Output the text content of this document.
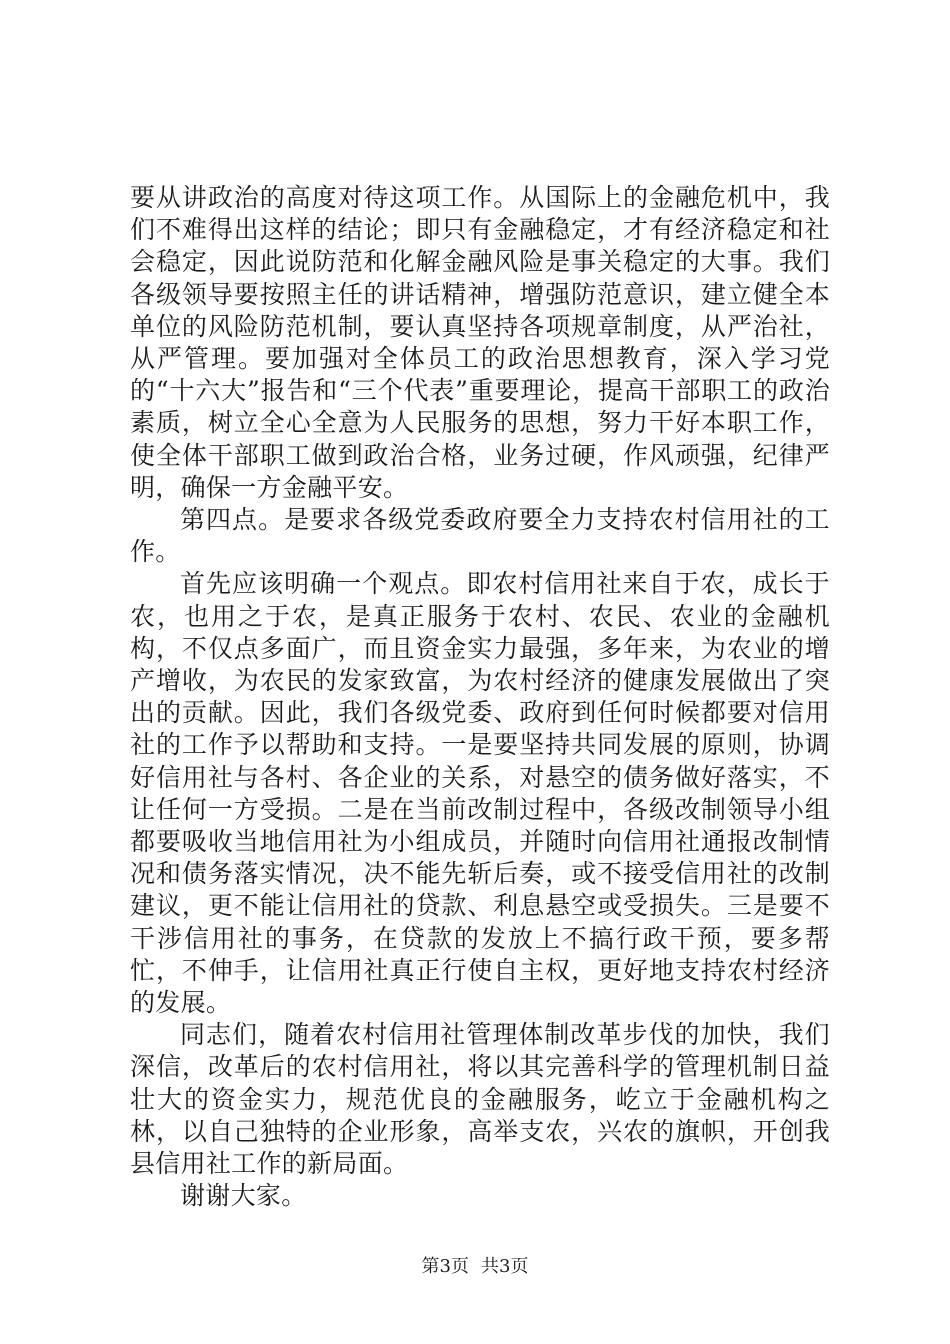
要从讲政治的高度对待这项工作。从国际上的金融危机中，我们不难得出这样的结论；即只有金融稳定，才有经济稳定和社会稳定，因此说防范和化解金融风险是事关稳定的大事。我们各级领导要按照主任的讲话精神，增强防范意识，建立健全本单位的风险防范机制，要认真坚持各项规章制度，从严治社，从严管理。要加强对全体员工的政治思想教育，深入学习党的“十六大”报告和“三个代表”重要理论，提高干部职工的政治素质，树立全心全意为人民服务的思想，努力干好本职工作，使全体干部职工做到政治合格，业务过硬，作风顽强，纪律严明，确保一方金融平安。

第四点。是要求各级党委政府要全力支持农村信用社的工作。

首先应该明确一个观点。即农村信用社来自于农，成长于农，也用之于农，是真正服务于农村、农民、农业的金融机构，不仅点多面广，而且资金实力最强，多年来，为农业的增产增收，为农民的发家致富，为农村经济的健康发展做出了突出的贡献。因此，我们各级党委、政府到任何时候都要对信用社的工作予以帮助和支持。一是要坚持共同发展的原则，协调好信用社与各村、各企业的关系，对悬空的债务做好落实，不让任何一方受损。二是在当前改制过程中，各级改制领导小组都要吸收当地信用社为小组成员，并随时向信用社通报改制情况和债务落实情况，决不能先斩后奏，或不接受信用社的改制建议，更不能让信用社的贷款、利息悬空或受损失。三是要不干涉信用社的事务，在贷款的发放上不搞行政干预，要多帮忙，不伸手，让信用社真正行使自主权，更好地支持农村经济的发展。

同志们，随着农村信用社管理体制改革步伐的加快，我们深信，改革后的农村信用社，将以其完善科学的管理机制日益壮大的资金实力，规范优良的金融服务，屹立于金融机构之林，以自己独特的企业形象，高举支农，兴农的旗帜，开创我县信用社工作的新局面。

谢谢大家。

第3页 共3页
